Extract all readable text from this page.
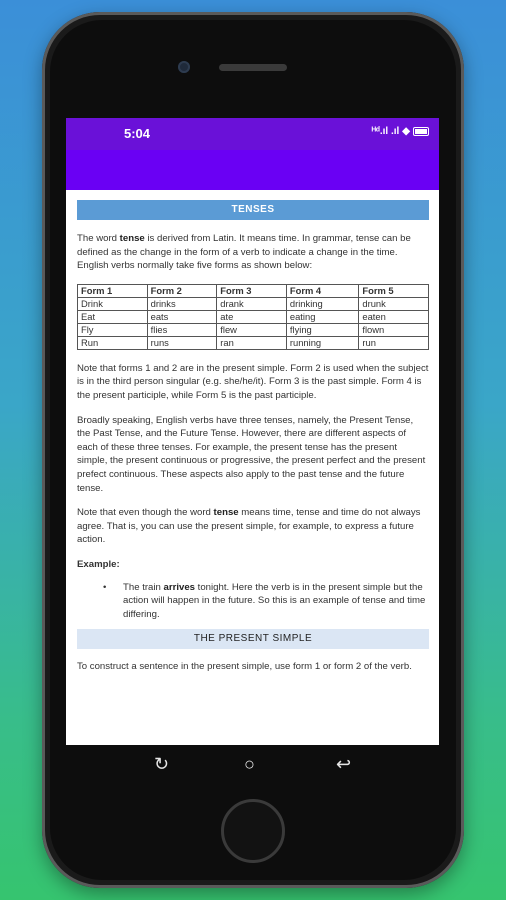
5:04	ᴴᵈ.ıl .ıl ◆
TENSES

The word tense is derived from Latin. It means time. In grammar, tense can be defined as the change in the form of a verb to indicate a change in the time. English verbs normally take five forms as shown below:

Form 1	Form 2	Form 3	Form 4	Form 5
Drink	drinks	drank	drinking	drunk
Eat	eats	ate	eating	eaten
Fly	flies	flew	flying	flown
Run	runs	ran	running	run

Note that forms 1 and 2 are in the present simple. Form 2 is used when the subject is in the third person singular (e.g. she/he/it). Form 3 is the past simple. Form 4 is the present participle, while Form 5 is the past participle.

Broadly speaking, English verbs have three tenses, namely, the Present Tense, the Past Tense, and the Future Tense. However, there are different aspects of each of these three tenses. For example, the present tense has the present simple, the present continuous or progressive, the present perfect and the present prefect continuous. These aspects also apply to the past tense and the future tense.

Note that even though the word tense means time, tense and time do not always agree. That is, you can use the present simple, for example, to express a future action.

Example:
•	The train arrives tonight. Here the verb is in the present simple but the action will happen in the future. So this is an example of tense and time differing.
THE PRESENT SIMPLE

To construct a sentence in the present simple, use form 1 or form 2 of the verb.

↻	○	↩
